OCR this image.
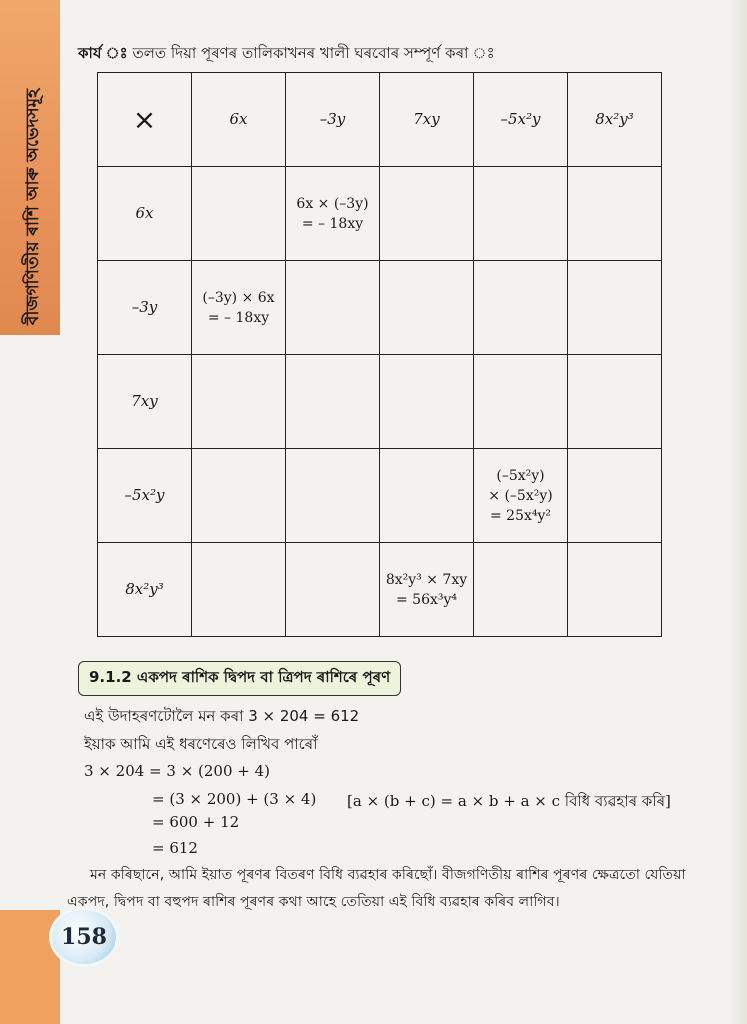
বীজগণিতীয় ৰাশি আৰু অভেদসমূহ
কাৰ্য ঃ তলত দিয়া পূৰণৰ তালিকাখনৰ খালী ঘৰবোৰ সম্পূৰ্ণ কৰা ঃ
×	6x	–3y	7xy	–5x²y	8x²y³
6x		6x × (–3y)
= – 18xy			
–3y	(–3y) × 6x
= – 18xy				
7xy					
–5x²y				(–5x²y)
× (–5x²y)
= 25x⁴y²	
8x²y³			8x²y³ × 7xy
= 56x³y⁴		
9.1.2 একপদ ৰাশিক দ্বিপদ বা ত্ৰিপদ ৰাশিৰে পূৰণ
এই উদাহৰণটোলৈ মন কৰা 3 × 204 = 612
ইয়াক আমি এই ধৰণেৰেও লিখিব পাৰোঁ
3 × 204 = 3 × (200 + 4)
= (3 × 200) + (3 × 4) [a × (b + c) = a × b + a × c বিধি ব্যৱহাৰ কৰি]
= 600 + 12
= 612
মন কৰিছানে, আমি ইয়াত পূৰণৰ বিতৰণ বিধি ব্যৱহাৰ কৰিছোঁ। বীজগণিতীয় ৰাশিৰ পূৰণৰ ক্ষেত্ৰতো যেতিয়া
একপদ, দ্বিপদ বা বহুপদ ৰাশিৰ পূৰণৰ কথা আহে তেতিয়া এই বিধি ব্যৱহাৰ কৰিব লাগিব।
158
